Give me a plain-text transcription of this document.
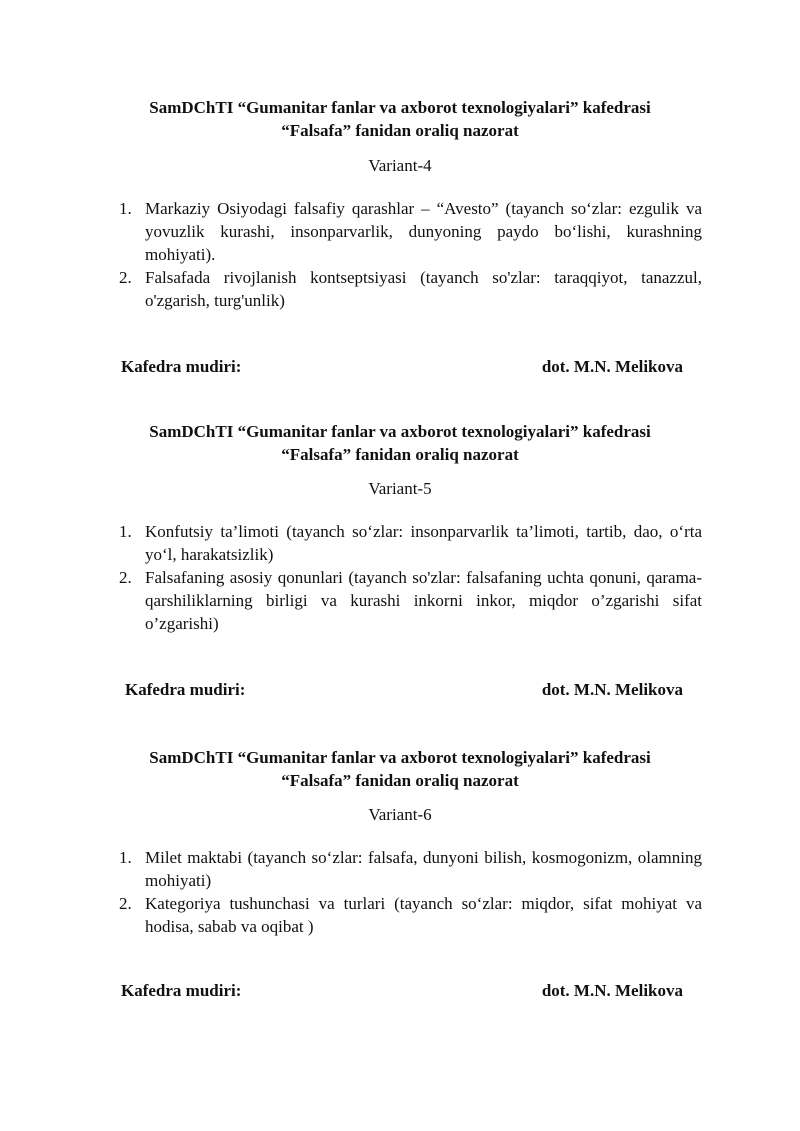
SamDChTI “Gumanitar fanlar va axborot texnologiyalari” kafedrasi
“Falsafa” fanidan oraliq nazorat
Variant-4
1. Markaziy Osiyodagi falsafiy qarashlar – “Avesto” (tayanch so‘zlar: ezgulik va yovuzlik kurashi, insonparvarlik, dunyoning paydo bo‘lishi, kurashning mohiyati).
2. Falsafada rivojlanish kontseptsiyasi (tayanch so'zlar: taraqqiyot, tanazzul, o'zgarish, turg'unlik)
Kafedra mudiri:	dot. M.N. Melikova
SamDChTI “Gumanitar fanlar va axborot texnologiyalari” kafedrasi
“Falsafa” fanidan oraliq nazorat
Variant-5
1. Konfutsiy ta’limoti (tayanch so‘zlar: insonparvarlik ta’limoti, tartib, dao, o‘rta yo‘l, harakatsizlik)
2. Falsafaning asosiy qonunlari (tayanch so'zlar: falsafaning uchta qonuni, qarama-qarshiliklarning birligi va kurashi inkorni inkor, miqdor o’zgarishi sifat o’zgarishi)
Kafedra mudiri:	dot. M.N. Melikova
SamDChTI “Gumanitar fanlar va axborot texnologiyalari” kafedrasi
“Falsafa” fanidan oraliq nazorat
Variant-6
1. Milet maktabi (tayanch so‘zlar: falsafa, dunyoni bilish, kosmogonizm, olamning mohiyati)
2. Kategoriya tushunchasi va turlari (tayanch so‘zlar: miqdor, sifat mohiyat va hodisa, sabab va oqibat )
Kafedra mudiri:	dot. M.N. Melikova
